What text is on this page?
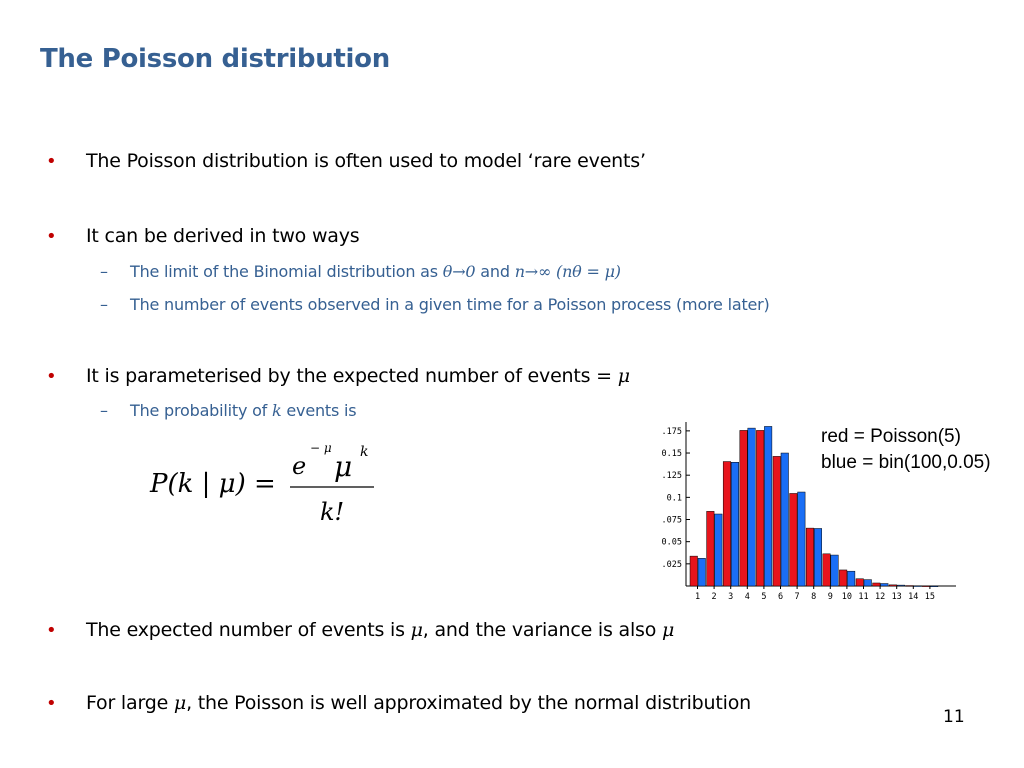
The Poisson distribution
• The Poisson distribution is often used to model ‘rare events’
• It can be derived in two ways
– The limit of the Binomial distribution as θ→0 and n→∞ (nθ = μ)
– The number of events observed in a given time for a Poisson process (more later)
• It is parameterised by the expected number of events = μ
– The probability of k events is
P(k | μ) =
e
− μ
μ k
k!
.025
0.05
.075
0.1
.125
0.15
.175
1 2 3 4 5 6 7 8 9 10 11 12 13 14 15
red = Poisson(5)
blue = bin(100,0.05)
• The expected number of events is μ, and the variance is also μ
• For large μ, the Poisson is well approximated by the normal distribution
11
